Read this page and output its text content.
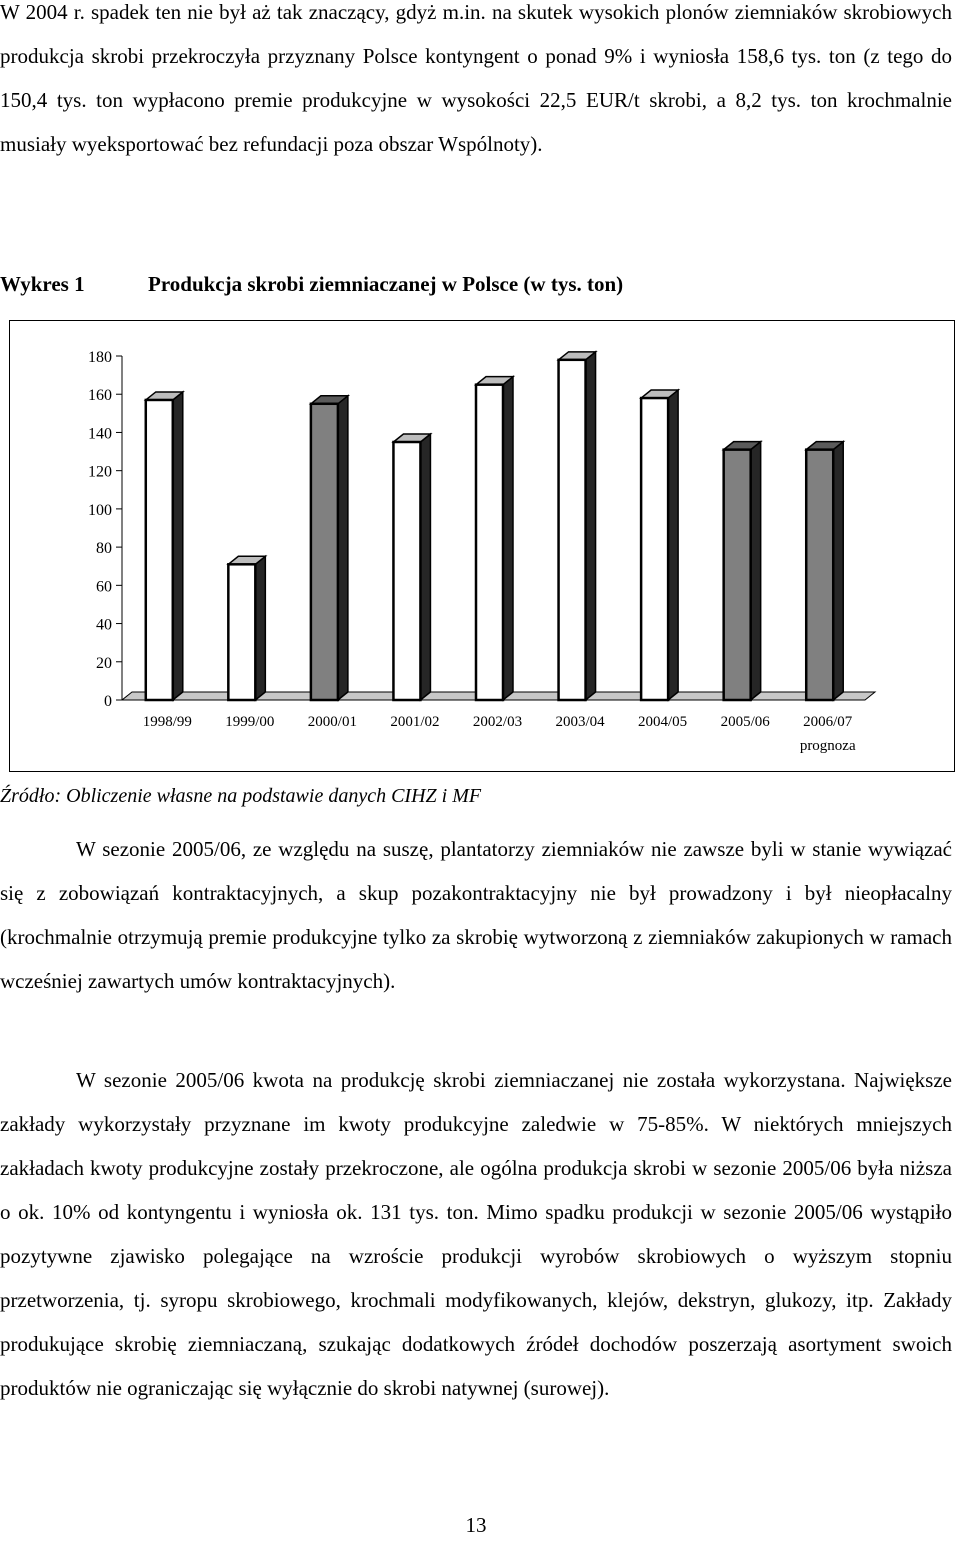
W 2004 r. spadek ten nie był aż tak znaczący, gdyż m.in. na skutek wysokich plonów ziemniaków skrobiowych produkcja skrobi przekroczyła przyznany Polsce kontyngent o ponad 9% i wyniosła 158,6 tys. ton (z tego do 150,4 tys. ton wypłacono premie produkcyjne w wysokości 22,5 EUR/t skrobi, a 8,2 tys. ton krochmalnie musiały wyeksportować bez refundacji poza obszar Wspólnoty).

Wykres 1	Produkcja skrobi ziemniaczanej w Polsce (w tys. ton)
0
20
40
60
80
100
120
140
160
180
1998/99 1999/00 2000/01 2001/02 2002/03 2003/04 2004/05 2005/06 2006/07
prognoza
Źródło: Obliczenie własne na podstawie danych CIHZ i MF

W sezonie 2005/06, ze względu na suszę, plantatorzy ziemniaków nie zawsze byli w stanie wywiązać się z zobowiązań kontraktacyjnych, a skup pozakontraktacyjny nie był prowadzony i był nieopłacalny (krochmalnie otrzymują premie produkcyjne tylko za skrobię wytworzoną z ziemniaków zakupionych w ramach wcześniej zawartych umów kontraktacyjnych).

W sezonie 2005/06 kwota na produkcję skrobi ziemniaczanej nie została wykorzystana. Największe zakłady wykorzystały przyznane im kwoty produkcyjne zaledwie w 75-85%. W niektórych mniejszych zakładach kwoty produkcyjne zostały przekroczone, ale ogólna produkcja skrobi w sezonie 2005/06 była niższa o ok. 10% od kontyngentu i wyniosła ok. 131 tys. ton. Mimo spadku produkcji w sezonie 2005/06 wystąpiło pozytywne zjawisko polegające na wzroście produkcji wyrobów skrobiowych o wyższym stopniu przetworzenia, tj. syropu skrobiowego, krochmali modyfikowanych, klejów, dekstryn, glukozy, itp. Zakłady produkujące skrobię ziemniaczaną, szukając dodatkowych źródeł dochodów poszerzają asortyment swoich produktów nie ograniczając się wyłącznie do skrobi natywnej (surowej).

13
